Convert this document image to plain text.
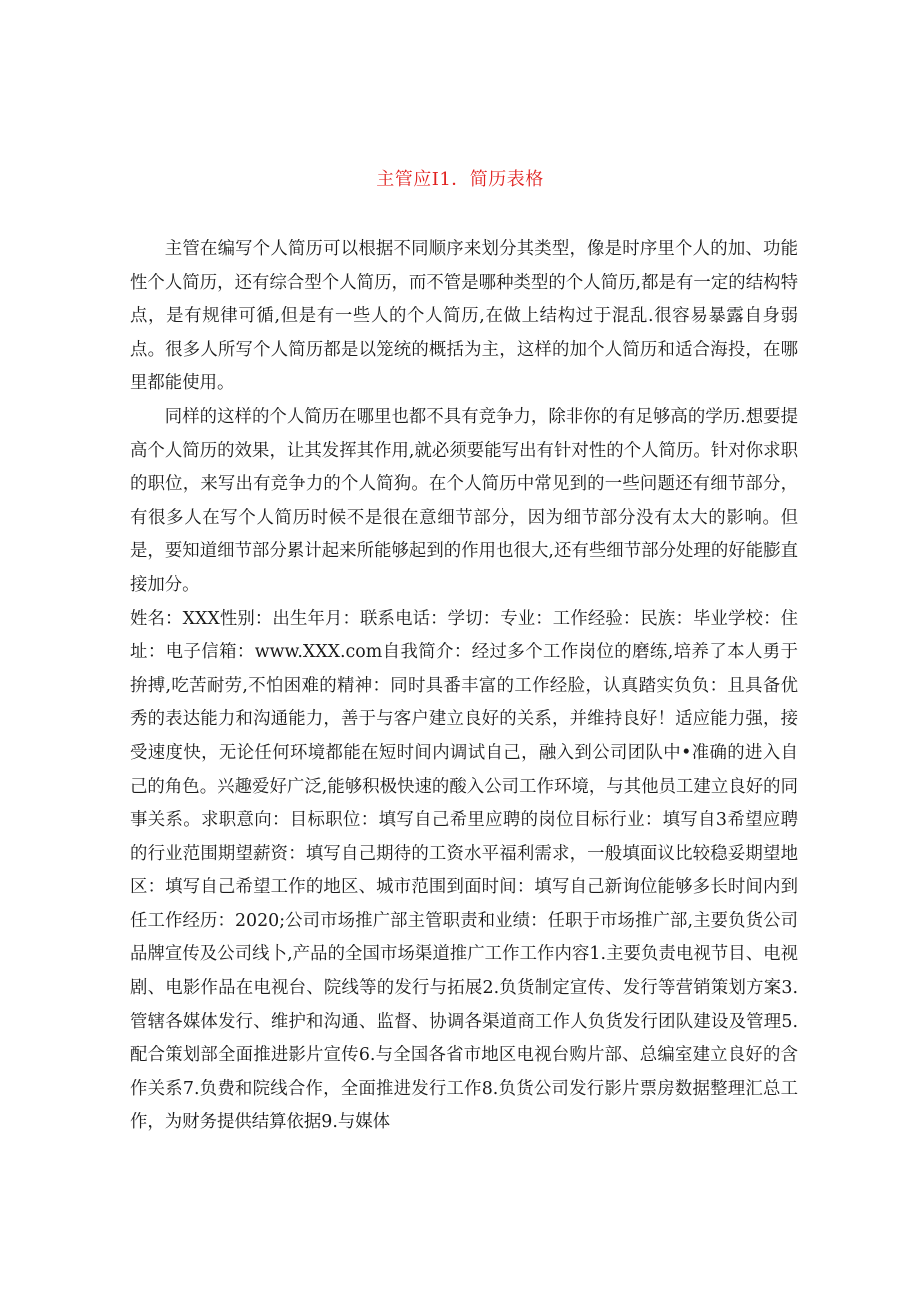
主管应I1．简历表格

主管在编写个人简历可以根据不同顺序来划分其类型，像是时序里个人的加、功能性个人简历，还有综合型个人简历，而不管是哪种类型的个人简历,都是有一定的结构特点，是有规律可循,但是有一些人的个人简历,在做上结构过于混乱.很容易暴露自身弱点。很多人所写个人简历都是以笼统的概括为主，这样的加个人简历和适合海投，在哪里都能使用。

同样的这样的个人简历在哪里也都不具有竞争力，除非你的有足够高的学历.想要提高个人简历的效果，让其发挥其作用,就必须要能写出有针对性的个人简历。针对你求职的职位，来写出有竞争力的个人简狗。在个人简历中常见到的一些问题还有细节部分，有很多人在写个人简历时候不是很在意细节部分，因为细节部分没有太大的影响。但是，要知道细节部分累计起来所能够起到的作用也很大,还有些细节部分处理的好能膨直接加分。

姓名：XXX性别：出生年月：联系电话：学切：专业：工作经验：民族：毕业学校：住址：电子信箱：www.XXX.com自我简介：经过多个工作岗位的磨练,培养了本人勇于拚搏,吃苦耐劳,不怕困难的精神：同时具番丰富的工作经脸，认真踏实负负：且具备优秀的表达能力和沟通能力，善于与客户建立良好的关系，并维持良好！适应能力强，接受速度快，无论任何环境都能在短时间内调试自己，融入到公司团队中•准确的进入自己的角色。兴趣爱好广泛,能够积极快速的酸入公司工作环境，与其他员工建立良好的同事关系。求职意向：目标职位：填写自己希里应聘的岗位目标行业：填写自3希望应聘的行业范围期望薪资：填写自己期待的工资水平福利需求，一般填面议比较稳妥期望地区：填写自己希望工作的地区、城市范围到面时间：填写自己新询位能够多长时间内到任工作经历：2020;公司市场推广部主管职责和业绩：任职于市场推广部,主要负货公司品牌宣传及公司线卜,产品的全国市场渠道推广工作工作内容1.主要负责电视节目、电视剧、电影作品在电视台、院线等的发行与拓展2.负货制定宣传、发行等营销策划方案3.管辖各媒体发行、维护和沟通、监督、协调各渠道商工作人负货发行团队建设及管理5.配合策划部全面推进影片宣传6.与全国各省市地区电视台购片部、总编室建立良好的含作关系7.负费和院线合作，全面推进发行工作8.负货公司发行影片票房数据整理汇总工作，为财务提供结算依据9.与媒体
